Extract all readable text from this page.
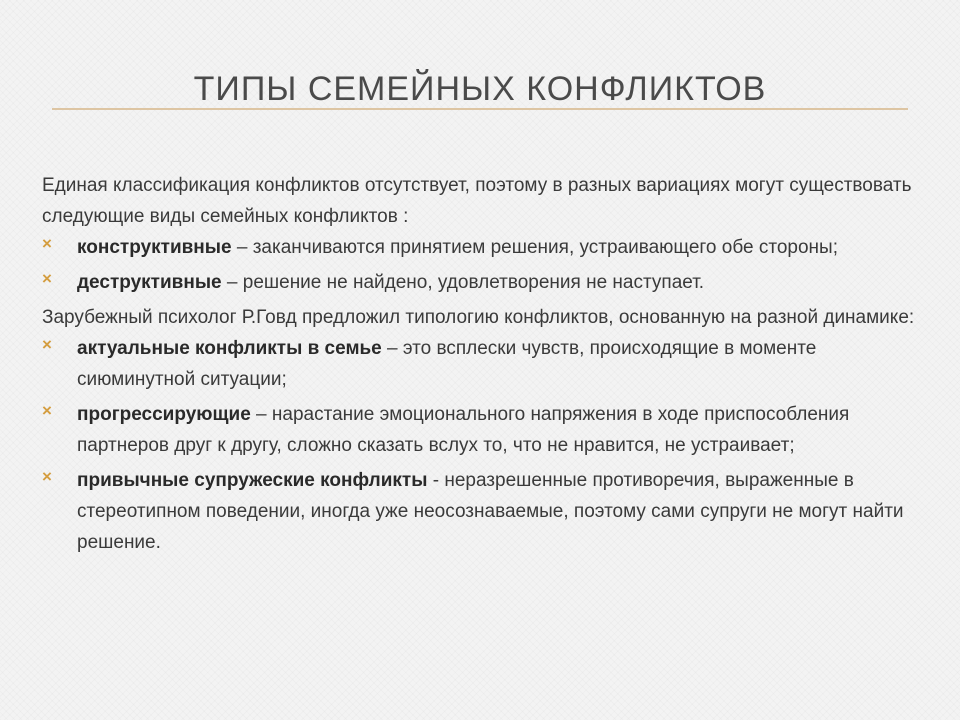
ТИПЫ СЕМЕЙНЫХ КОНФЛИКТОВ

Единая классификация конфликтов отсутствует, поэтому в разных вариациях могут существовать следующие виды семейных конфликтов :

×	конструктивные – заканчиваются принятием решения, устраивающего обе стороны;
×	деструктивные – решение не найдено, удовлетворения не наступает.

Зарубежный психолог Р.Говд предложил типологию конфликтов, основанную на разной динамике:

×	актуальные конфликты в семье – это всплески чувств, происходящие в моменте сиюминутной ситуации;
×	прогрессирующие – нарастание эмоционального напряжения в ходе приспособления партнеров друг к другу, сложно сказать вслух то, что не нравится, не устраивает;
×	привычные супружеские конфликты - неразрешенные противоречия, выраженные в стереотипном поведении, иногда уже неосознаваемые, поэтому сами супруги не могут найти решение.
